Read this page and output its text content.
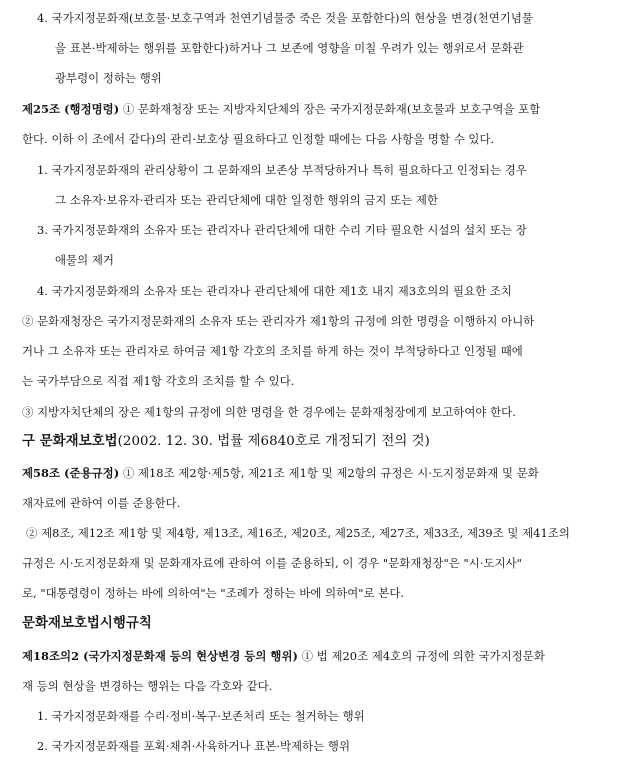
4. 국가지정문화재(보호물·보호구역과 천연기념물중 죽은 것을 포함한다)의 현상을 변경(천연기념물
을 표본·박제하는 행위를 포함한다)하거나 그 보존에 영향을 미칠 우려가 있는 행위로서 문화관
광부령이 정하는 행위
제25조 (행정명령) ① 문화재청장 또는 지방자치단체의 장은 국가지정문화재(보호물과 보호구역을 포함
한다. 이하 이 조에서 같다)의 관리·보호상 필요하다고 인정할 때에는 다음 사항을 명할 수 있다.
1. 국가지정문화재의 관리상황이 그 문화재의 보존상 부적당하거나 특히 필요하다고 인정되는 경우
그 소유자·보유자·관리자 또는 관리단체에 대한 일정한 행위의 금지 또는 제한
3. 국가지정문화재의 소유자 또는 관리자나 관리단체에 대한 수리 기타 필요한 시설의 설치 또는 장
애물의 제거
4. 국가지정문화재의 소유자 또는 관리자나 관리단체에 대한 제1호 내지 제3호의의 필요한 조치
② 문화재청장은 국가지정문화재의 소유자 또는 관리자가 제1항의 규정에 의한 명령을 이행하지 아니하
거나 그 소유자 또는 관리자로 하여금 제1항 각호의 조치를 하게 하는 것이 부적당하다고 인정될 때에
는 국가부담으로 직접 제1항 각호의 조치를 할 수 있다.
③ 지방자치단체의 장은 제1항의 규정에 의한 명령을 한 경우에는 문화재청장에게 보고하여야 한다.
구 문화재보호법(2002. 12. 30. 법률 제6840호로 개정되기 전의 것)
제58조 (준용규정) ① 제18조 제2항·제5항, 제21조 제1항 및 제2항의 규정은 시·도지정문화재 및 문화
재자료에 관하여 이를 준용한다.
② 제8조, 제12조 제1항 및 제4항, 제13조, 제16조, 제20조, 제25조, 제27조, 제33조, 제39조 및 제41조의
규정은 시·도지정문화재 및 문화재자료에 관하여 이를 준용하되, 이 경우 "문화재청장"은 "시·도지사"
로, "대통령령이 정하는 바에 의하여"는 "조례가 정하는 바에 의하여"로 본다.
문화재보호법시행규칙
제18조의2 (국가지정문화재 등의 현상변경 등의 행위) ① 법 제20조 제4호의 규정에 의한 국가지정문화
재 등의 현상을 변경하는 행위는 다음 각호와 같다.
1. 국가지정문화재를 수리·정비·복구·보존처리 또는 철거하는 행위
2. 국가지정문화재를 포획·채취·사육하거나 표본·박제하는 행위
